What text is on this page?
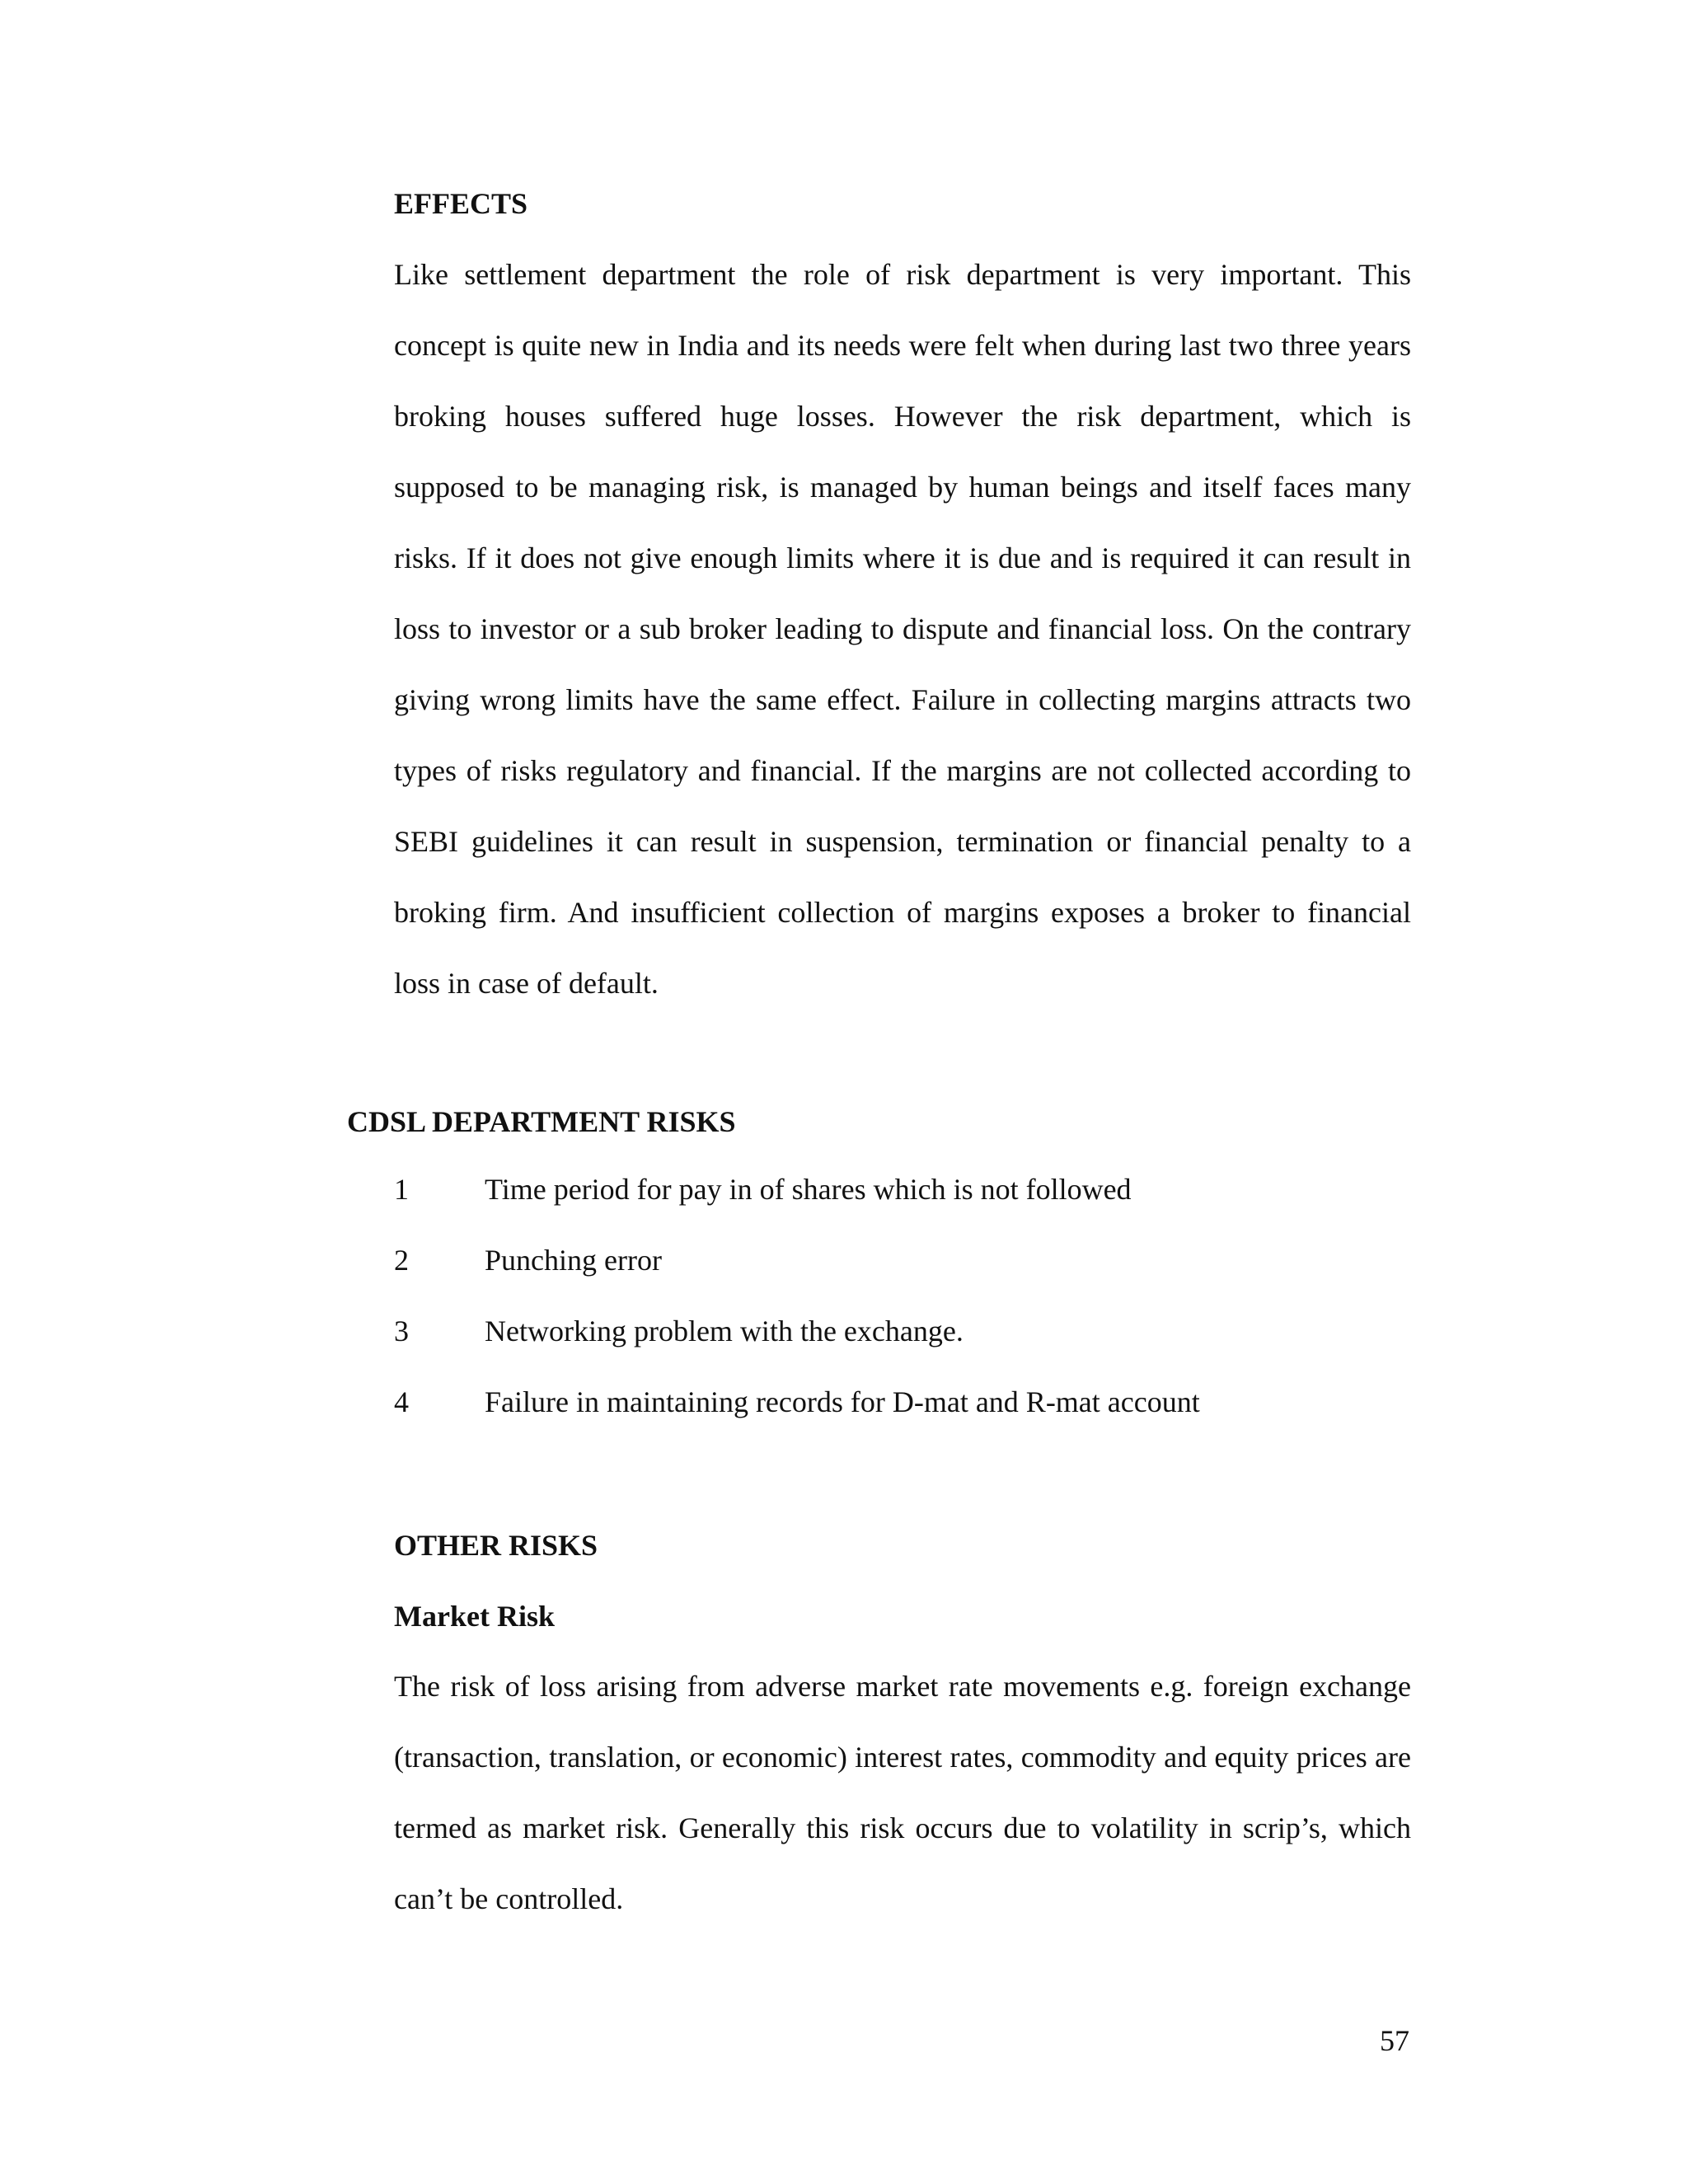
EFFECTS

Like settlement department the role of risk department is very important. This concept is quite new in India and its needs were felt when during last two three years broking houses suffered huge losses. However the risk department, which is supposed to be managing risk, is managed by human beings and itself faces many risks. If it does not give enough limits where it is due and is required it can result in loss to investor or a sub broker leading to dispute and financial loss. On the contrary giving wrong limits have the same effect. Failure in collecting margins attracts two types of risks regulatory and financial. If the margins are not collected according to SEBI guidelines it can result in suspension, termination or financial penalty to a broking firm. And insufficient collection of margins exposes a broker to financial loss in case of default.

CDSL DEPARTMENT RISKS
1	Time period for pay in of shares which is not followed
2	Punching error
3	Networking problem with the exchange.
4	Failure in maintaining records for D-mat and R-mat account
OTHER RISKS
Market Risk

The risk of loss arising from adverse market rate movements e.g. foreign exchange (transaction, translation, or economic) interest rates, commodity and equity prices are termed as market risk. Generally this risk occurs due to volatility in scrip’s, which can’t be controlled.

57
